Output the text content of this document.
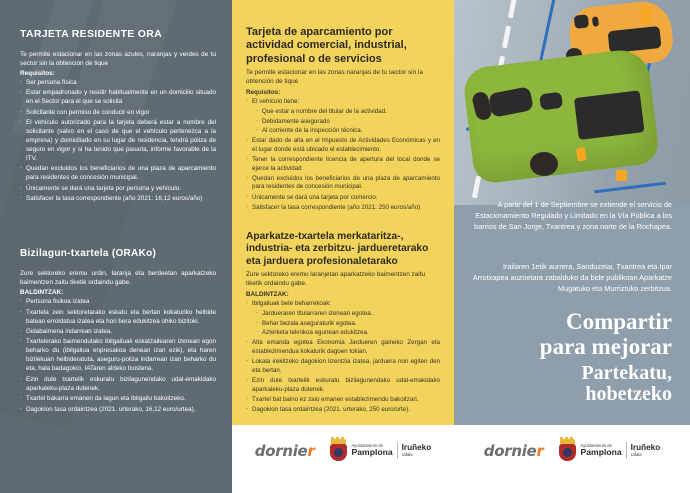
TARJETA RESIDENTE ORA

Te permite estacionar en las zonas azules, naranjas y verdes de tu sector sin la obtención de tique

Requisitos:
· Ser persona física
· Estar empadronado y residir habitualmente en un domicilio situado en el Sector para el que se solicita
· Solicitante con permiso de conducir en vigor
· El vehículo autorizado para la tarjeta deberá estar a nombre del solicitante (salvo en el caso de que el vehículo pertenezca a la empresa) y domiciliado en su lugar de residencia, tendrá póliza de seguro en vigor y si ha tenido que pasarla, informe favorable de la ITV.
· Quedan excluidos los beneficiarios de una plaza de aparcamiento para residentes de concesión municipal.
· Únicamente se dará una tarjeta por persona y vehículo.
· Satisfacer la tasa correspondiente (año 2021: 16,12 euros/año)
Bizilagun-txartela (ORAKo)

Zure sektoreko eremu urdin, laranja eta berdeetan aparkatzeko baimentzen zaitu tiketik ordaindu gabe.

BALDINTZAK:
· Pertsona fisikoa izatea
· Txartela zein sektoretarako eskatu eta bertan kokaturiko helbide batean erroldatua izatea eta hori bera edukitzea ohiko bizitoki.
· Gidabaimena indarrean izatea.
· Txartelerako baimendutako ibilgailuak eskatzailearen izenean egon beharko du (ibilgailua enpresakoa denean izan ezik), eta haren bizilekuan helbideratuta, aseguru-poliza indarrean izan beharko du eta, hala badagokio, IATaren aldeko txostena.
· Ezin dute txartelik eskuratu bizilagunendako udal-emakidako aparkaleku-plaza dutenek.
· Txartel bakarra emanen da lagun eta ibilgailu bakoitzeko.
· Dagokion tasa ordaintzea (2021. urterako, 16,12 euro/urtea).
Tarjeta de aparcamiento por actividad comercial, industrial, profesional o de servicios

Te permite estacionar en las zonas naranjas de tu sector sin la obtención de tique

Requisitos:
· El vehículo tiene:
· Que estar a nombre del titular de la actividad.
· Debidamente asegurado
· Al corriente de la inspección técnica.
· Estar dado de alta en el Impuesto de Actividades Económicas y en el lugar donde está ubicado el establecimiento.
· Tener la correspondiente licencia de apertura del local donde se ejerce la actividad
· Quedan excluidos los beneficiarios de una plaza de aparcamiento para residentes de concesión municipal.
· Únicamente se dará una tarjeta por comercio.
· Satisfacer la tasa correspondiente (año 2021: 250 euros/año)
Aparkatze-txartela merkataritza-, industria- eta zerbitzu- jardueretarako eta jarduera profesionaletarako

Zure sektoreko eremu laranjetan aparkatzeko baimentzen zaitu tiketik ordaindu gabe.

BALDINTZAK:
· Ibilgailuak bete beharrekoak:
· Jardueraren titularraren izenean egotea..
· Behar bezala aseguraturik egotea.
· Azterketa teknikoa egunean edukitzea.
· Alta emanda egotea Ekonomia Jardueren gaineko Zergan eta establezimendua kokaturik dagoen tokian.
· Lokala irekitzeko dagokion lizentzia izatea, jarduera non egiten den eta bertan.
· Ezin dute txartelik eskuratu bizilagunendako udal-emakidako aparkaleku-plaza dutenek.
· Txartel bat baino ez zaio emanen establezimendu bakoitzari.
· Dagokion tasa ordaintzea (2021. urterako, 250 euro/urte).
dornier	Ayuntamiento de
Pamplona Iruñeko
Udala

A partir del 1 de Septiembre se extiende el servicio de Estacionamiento Regulado y Limitado en la Vía Pública a los barrios de San Jorge, Txantrea y zona norte de la Rochapea.

Irailaren 1etik aurrera, Sanduzelai, Txantrea eta Ipar Arrotxapea auzoetara zabalduko da bide publikoan Aparkatze Mugatuko eta Murriztuko zerbitzua.

Compartir

para mejorar

Partekatu,

hobetzeko

dornier	Ayuntamiento de
Pamplona Iruñeko
Udala
